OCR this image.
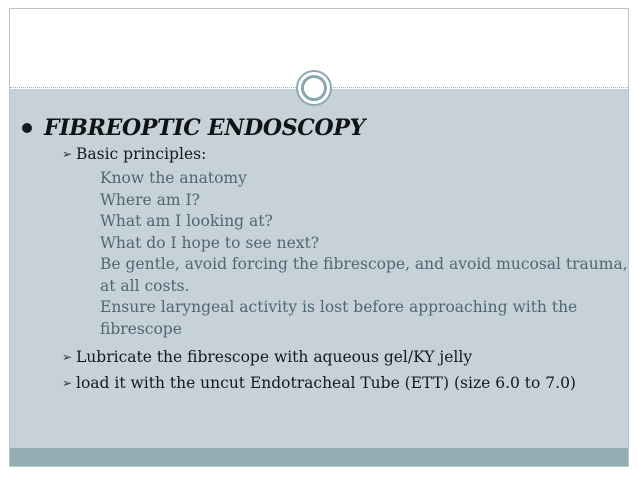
FIBREOPTIC ENDOSCOPY
➢ Basic principles:
Know the anatomy
Where am I?
What am I looking at?
What do I hope to see next?
Be gentle, avoid forcing the fibrescope, and avoid mucosal trauma,
at all costs.
Ensure laryngeal activity is lost before approaching with the
fibrescope
➢ Lubricate the fibrescope with aqueous gel/KY jelly
➢ load it with the uncut Endotracheal Tube (ETT) (size 6.0 to 7.0)
